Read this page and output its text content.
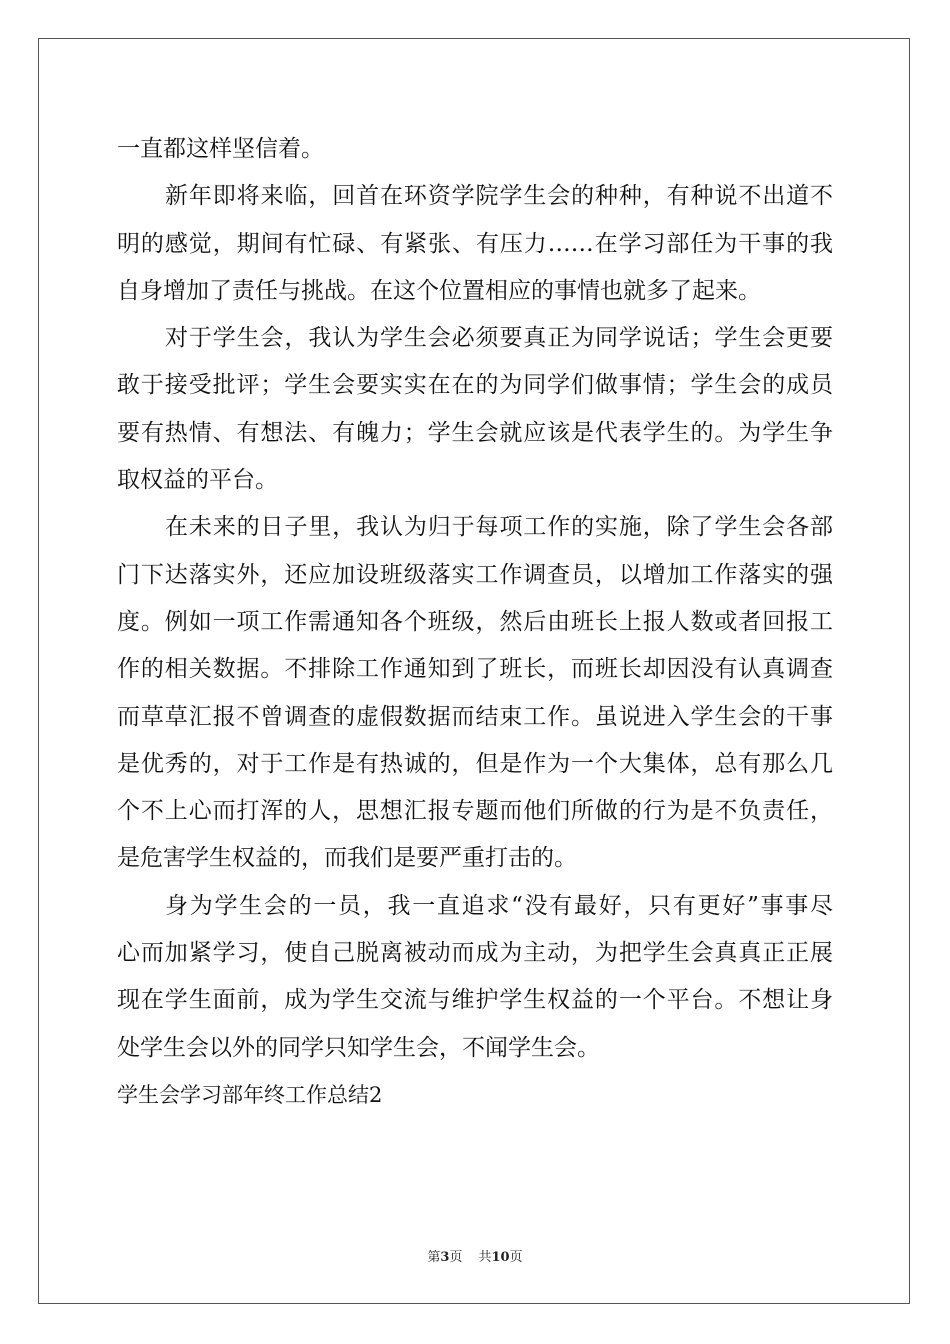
一直都这样坚信着。
新年即将来临，回首在环资学院学生会的种种，有种说不出道不
明的感觉，期间有忙碌、有紧张、有压力……在学习部任为干事的我
自身增加了责任与挑战。在这个位置相应的事情也就多了起来。
对于学生会，我认为学生会必须要真正为同学说话；学生会更要
敢于接受批评；学生会要实实在在的为同学们做事情；学生会的成员
要有热情、有想法、有魄力；学生会就应该是代表学生的。为学生争
取权益的平台。
在未来的日子里，我认为归于每项工作的实施，除了学生会各部
门下达落实外，还应加设班级落实工作调查员，以增加工作落实的强
度。例如一项工作需通知各个班级，然后由班长上报人数或者回报工
作的相关数据。不排除工作通知到了班长，而班长却因没有认真调查
而草草汇报不曾调查的虚假数据而结束工作。虽说进入学生会的干事
是优秀的，对于工作是有热诚的，但是作为一个大集体，总有那么几
个不上心而打浑的人，思想汇报专题而他们所做的行为是不负责任，
是危害学生权益的，而我们是要严重打击的。
身为学生会的一员，我一直追求“没有最好，只有更好”事事尽
心而加紧学习，使自己脱离被动而成为主动，为把学生会真真正正展
现在学生面前，成为学生交流与维护学生权益的一个平台。不想让身
处学生会以外的同学只知学生会，不闻学生会。
学生会学习部年终工作总结2
第3页 共10页
